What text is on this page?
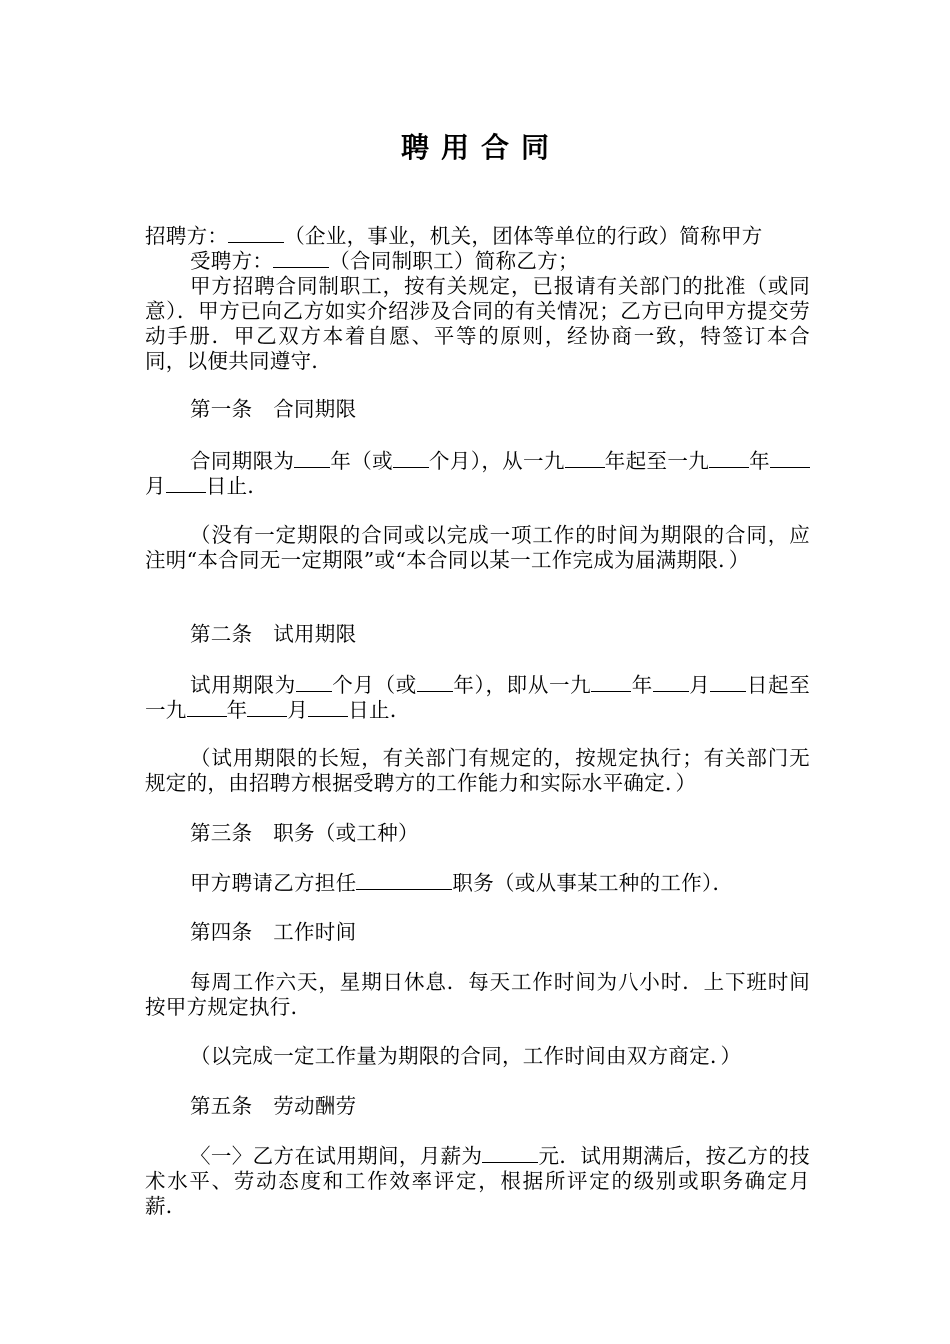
聘用合同
招聘方：	（企业，事业，机关，团体等单位的行政）简称甲方
受聘方：	（合同制职工）简称乙方；

甲方招聘合同制职工，按有关规定，已报请有关部门的批准（或同意）．甲方已向乙方如实介绍涉及合同的有关情况；乙方已向甲方提交劳动手册．甲乙双方本着自愿、平等的原则，经协商一致，特签订本合同，以便共同遵守．

第一条　合同期限

合同期限为 年（或 个月），从一九 年起至一九 年月 日止．

（没有一定期限的合同或以完成一项工作的时间为期限的合同，应注明“本合同无一定期限”或“本合同以某一工作完成为届满期限．）

第二条　试用期限

试用期限为 个月（或 年），即从一九 年 月 日起至一九 年 月 日止．

（试用期限的长短，有关部门有规定的，按规定执行；有关部门无规定的，由招聘方根据受聘方的工作能力和实际水平确定．）

第三条　职务（或工种）

甲方聘请乙方担任	职务（或从事某工种的工作）．

第四条　工作时间

每周工作六天，星期日休息．每天工作时间为八小时．上下班时间按甲方规定执行．

（以完成一定工作量为期限的合同，工作时间由双方商定．）

第五条　劳动酬劳

〈一〉乙方在试用期间，月薪为	元．试用期满后，按乙方的技术水平、劳动态度和工作效率评定，根据所评定的级别或职务确定月薪．
